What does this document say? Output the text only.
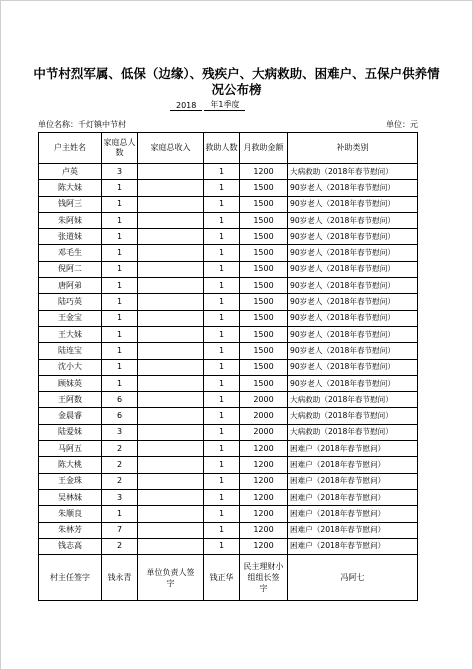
中节村烈军属、低保（边缘）、残疾户、大病救助、困难户、五保户供养情况公布榜
2018	年1季度
单位名称：千灯镇中节村	单位：元
户主姓名	家庭总人数	家庭总收入	救助人数	月救助金额	补助类别
卢英	3		1	1200	大病救助（2018年春节慰问）
陈大妹	1		1	1500	90岁老人（2018年春节慰问）
钱阿三	1		1	1500	90岁老人（2018年春节慰问）
朱阿妹	1		1	1500	90岁老人（2018年春节慰问）
张道妹	1		1	1500	90岁老人（2018年春节慰问）
邓毛生	1		1	1500	90岁老人（2018年春节慰问）
倪阿二	1		1	1500	90岁老人（2018年春节慰问）
唐阿弟	1		1	1500	90岁老人（2018年春节慰问）
陆巧英	1		1	1500	90岁老人（2018年春节慰问）
王金宝	1		1	1500	90岁老人（2018年春节慰问）
王大妹	1		1	1500	90岁老人（2018年春节慰问）
陆连宝	1		1	1500	90岁老人（2018年春节慰问）
沈小大	1		1	1500	90岁老人（2018年春节慰问）
顾妹英	1		1	1500	90岁老人（2018年春节慰问）
王阿数	6		1	2000	大病救助（2018年春节慰问）
金晨睿	6		1	2000	大病救助（2018年春节慰问）
陆爱妹	3		1	2000	大病救助（2018年春节慰问）
马阿五	2		1	1200	困难户（2018年春节慰问）
陈大桃	2		1	1200	困难户（2018年春节慰问）
王金珠	2		1	1200	困难户（2018年春节慰问）
吴林妹	3		1	1200	困难户（2018年春节慰问）
朱顺良	1		1	1200	困难户（2018年春节慰问）
朱林芳	7		1	1200	困难户（2018年春节慰问）
钱志高	2		1	1200	困难户（2018年春节慰问）
村主任签字	钱永青	单位负责人签　　字	钱正华	民主理财小组组长签　字	冯阿七
